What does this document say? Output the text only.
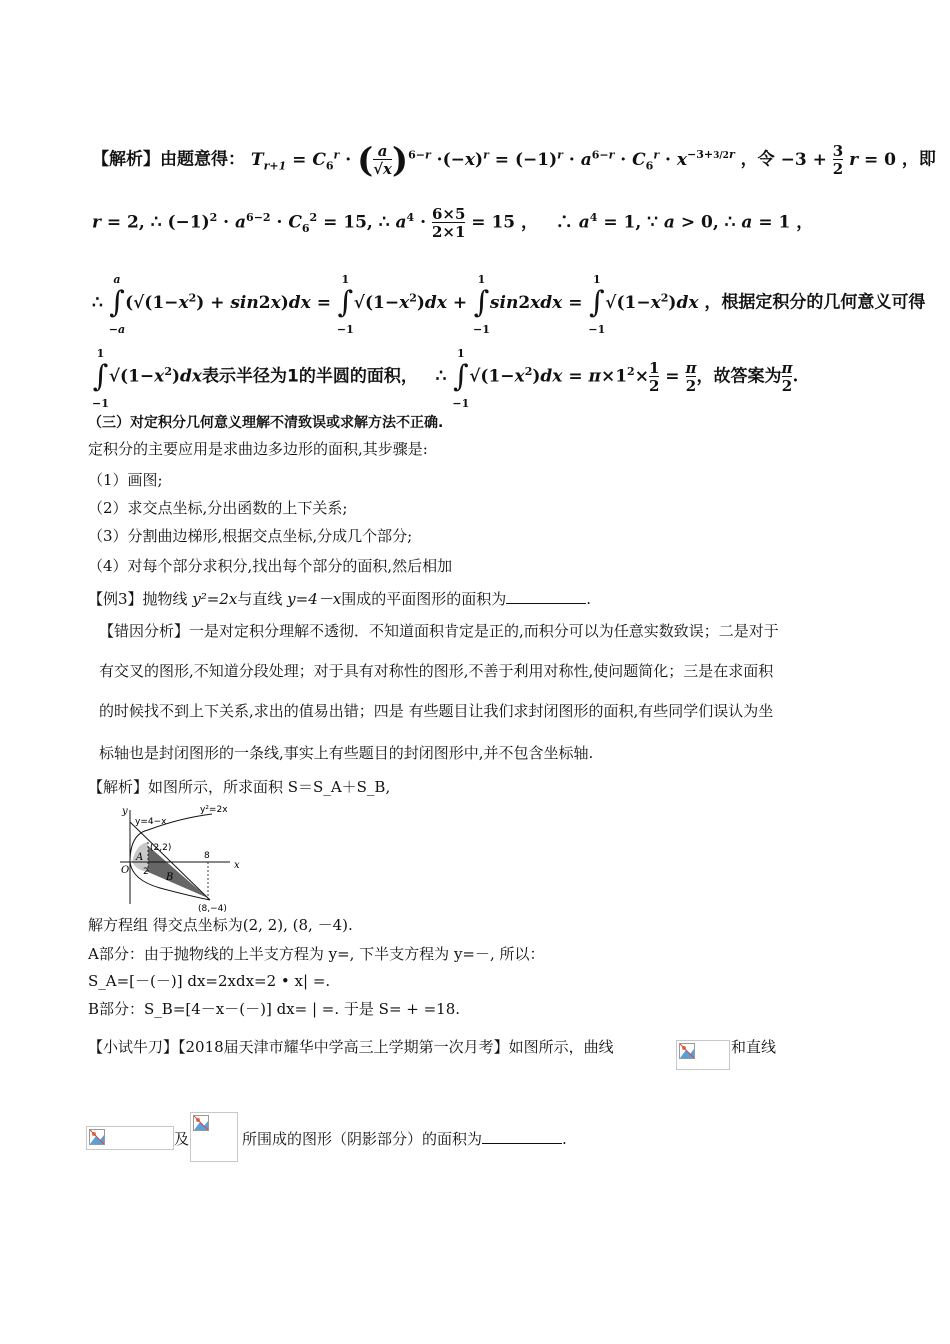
【解析】由题意得： $T_{r+1} = C_6^r \cdot (\frac{a}{√x})^{6-r} \cdot(-x)^r = (-1)^r \cdot a^{6-r} \cdot C_6^r \cdot x^{-3+3/2r}$ ，令 −3 + 3
2 r = 0 ，即
r = 2, ∴ $(-1)^2 \cdot a^{6-2} \cdot C_6^2 = 15$, ∴ $a^4 \cdot 6\times 5$
2×1 = 15 ，   ∴ $a^4 = 1$, ∵ a > 0, ∴ a = 1 ，
∴ a
∫
$-a(√(1-x^2) + \sin 2x)dx = 1$
∫
$-1√(1-x^2)dx + 1$
∫
−1sin2xdx = 1
∫
$-1√(1-x^2)dx$ ，根据定积分的几何意义可得
1
∫
$-1√(1-x^2)dx$表示半径为1的半圆的面积，   ∴ 1
∫
$-1√(1-x^2)dx = \pi\times 1^2\times 1$
$2 = \frac{\pi}{2}$，故答案为$\frac{\pi}{2}$.
（三）对定积分几何意义理解不清致误或求解方法不正确.
定积分的主要应用是求曲边多边形的面积,其步骤是:
（1）画图;
（2）求交点坐标,分出函数的上下关系;
（3）分割曲边梯形,根据交点坐标,分成几个部分;
（4）对每个部分求积分,找出每个部分的面积,然后相加
【例3】抛物线 y²=2x与直线 y=4－x围成的平面图形的面积为	.
【错因分析】一是对定积分理解不透彻．不知道面积肯定是正的,而积分可以为任意实数致误；二是对于
有交叉的图形,不知道分段处理；对于具有对称性的图形,不善于利用对称性,使问题简化；三是在求面积
的时候找不到上下关系,求出的值易出错；四是 有些题目让我们求封闭图形的面积,有些同学们误认为坐
标轴也是封闭图形的一条线,事实上有些题目的封闭图形中,并不包含坐标轴.
【解析】如图所示，所求面积 S＝S_A＋S_B,
y
x
O
y=4−x
y²=2x
(2,2)
(8,−4)
8
2
A
B
解方程组 得交点坐标为(2, 2), (8, －4).
A部分：由于抛物线的上半支方程为 y=, 下半支方程为 y=－, 所以：
S_A=[－(－)] dx=2xdx=2 • x| =.
B部分：S_B=[4－x－(－)] dx= | =. 于是 S= + =18.
【小试牛刀】【2018届天津市耀华中学高三上学期第一次月考】如图所示，曲线	和直线
及	所围成的图形（阴影部分）的面积为	.
